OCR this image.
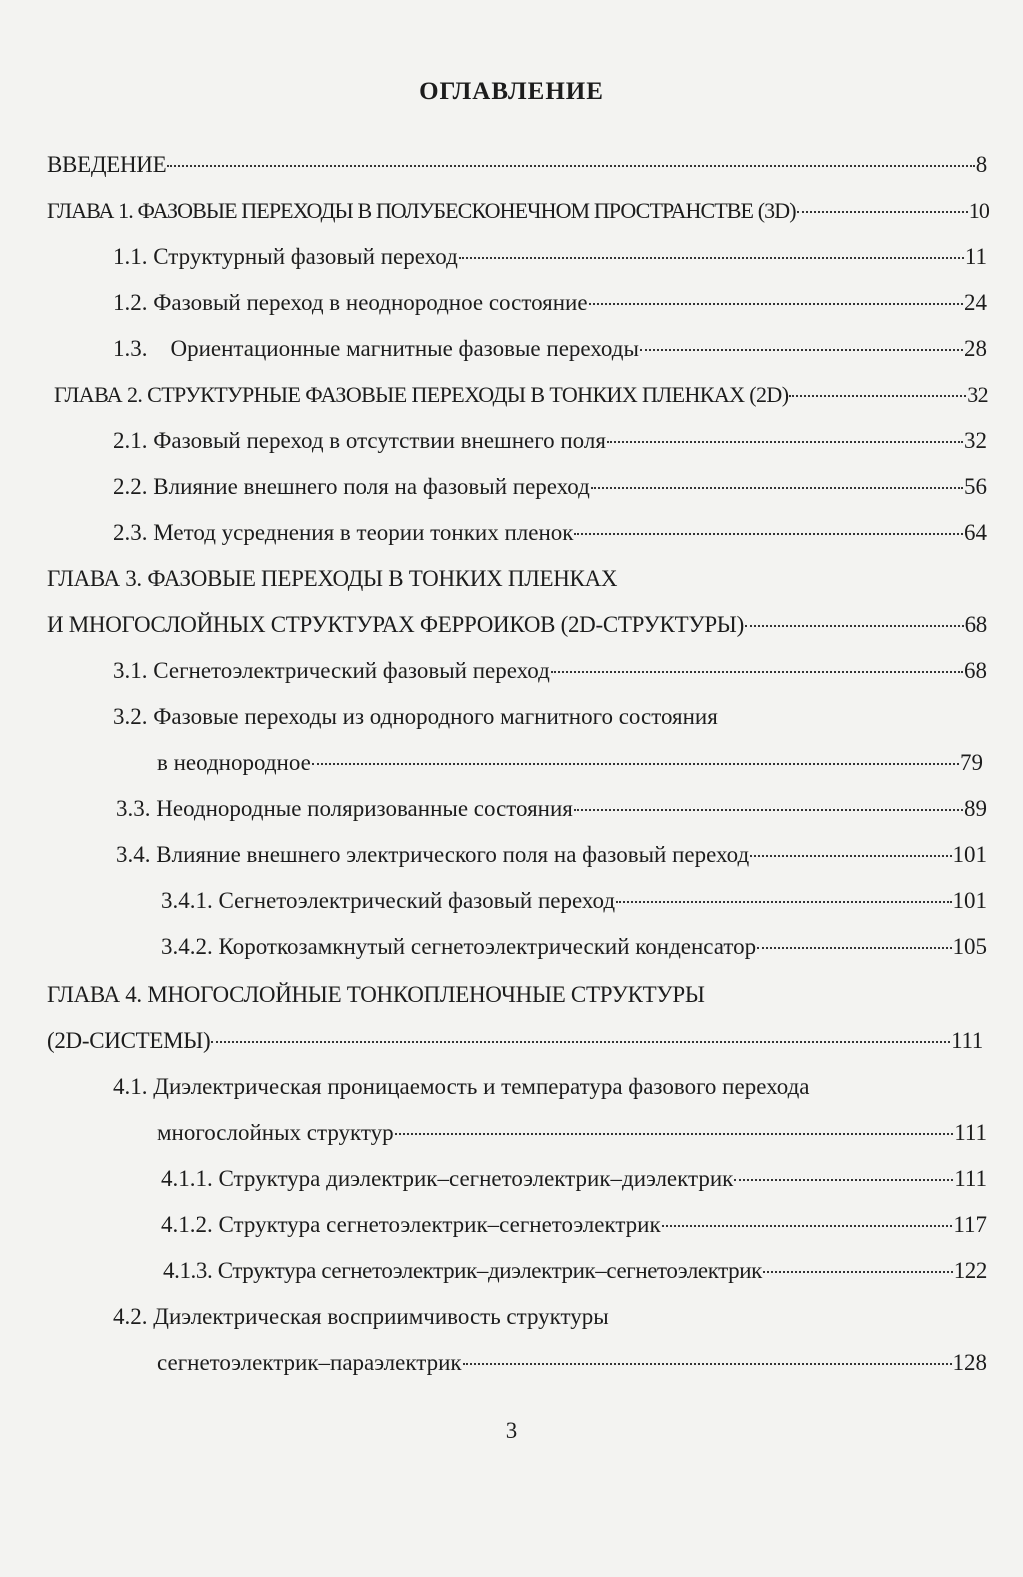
ОГЛАВЛЕНИЕ
ВВЕДЕНИЕ	8
ГЛАВА 1. ФАЗОВЫЕ ПЕРЕХОДЫ В ПОЛУБЕСКОНЕЧНОМ ПРОСТРАНСТВЕ (3D)	10
1.1. Структурный фазовый переход	11
1.2. Фазовый переход в неоднородное состояние	24
1.3.    Ориентационные магнитные фазовые переходы	28
ГЛАВА 2. СТРУКТУРНЫЕ ФАЗОВЫЕ ПЕРЕХОДЫ В ТОНКИХ ПЛЕНКАХ (2D)	32
2.1. Фазовый переход в отсутствии внешнего поля	32
2.2. Влияние внешнего поля на фазовый переход	56
2.3. Метод усреднения в теории тонких пленок	64
ГЛАВА 3. ФАЗОВЫЕ ПЕРЕХОДЫ В ТОНКИХ ПЛЕНКАХ
И МНОГОСЛОЙНЫХ СТРУКТУРАХ ФЕРРОИКОВ (2D-СТРУКТУРЫ)	68
3.1. Сегнетоэлектрический фазовый переход	68
3.2. Фазовые переходы из однородного магнитного состояния
в неоднородное	79
3.3. Неоднородные поляризованные состояния	89
3.4. Влияние внешнего электрического поля на фазовый переход	101
3.4.1. Сегнетоэлектрический фазовый переход	101
3.4.2. Короткозамкнутый сегнетоэлектрический конденсатор	105
ГЛАВА 4. МНОГОСЛОЙНЫЕ ТОНКОПЛЕНОЧНЫЕ СТРУКТУРЫ
(2D-СИСТЕМЫ)	111
4.1. Диэлектрическая проницаемость и температура фазового перехода
многослойных структур	111
4.1.1. Структура диэлектрик–сегнетоэлектрик–диэлектрик	111
4.1.2. Структура сегнетоэлектрик–сегнетоэлектрик	117
4.1.3. Структура сегнетоэлектрик–диэлектрик–сегнетоэлектрик	122
4.2. Диэлектрическая восприимчивость структуры
сегнетоэлектрик–параэлектрик	128
3
